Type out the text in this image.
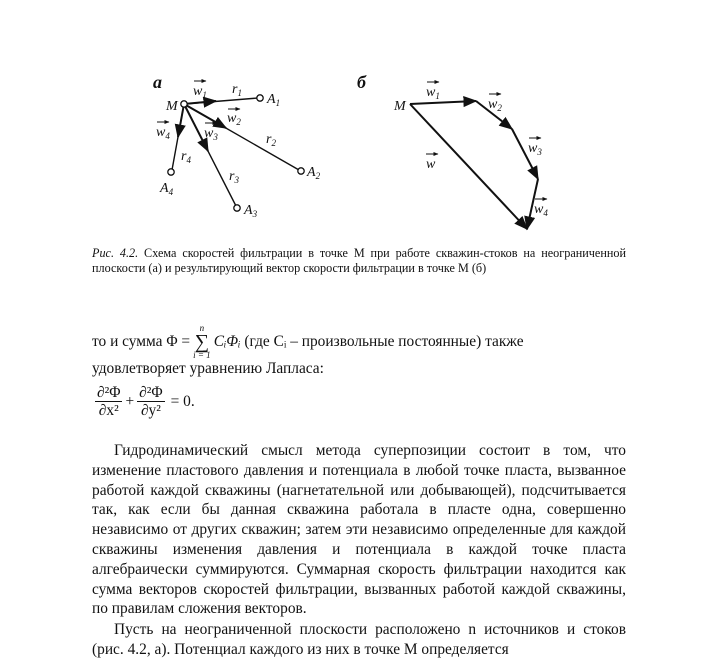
а
M
$w_1$ $r_1$ $A_1$
$w_2$
$r_2$
$A_2$
$w_3$
$r_3$
$A_3$
$w_4$
$r_4$
$A_4$
б
M
$w_1$
$w_2$
$w_3$
$w_4$
w
Рис. 4.2. Схема скоростей фильтрации в точке M при работе скважин-стоков на неограниченной плоскости (а) и результирующий вектор скорости фильтрации в точке M (б)
то и сумма Φ =
n
∑
i = 1
CᵢΦᵢ (где Cᵢ – произвольные постоянные) также
удовлетворяет уравнению Лапласа:
$\frac{\text{∂²Φ}}{\text{∂x²}} + \frac{\text{∂²Φ}}{\text{∂y²}} = 0$.

Гидродинамический смысл метода суперпозиции состоит в том, что изменение пластового давления и потенциала в любой точке пласта, вызванное работой каждой скважины (нагнетательной или добывающей), подсчитывается так, как если бы данная скважина работала в пласте одна, совершенно независимо от других скважин; затем эти независимо определенные для каждой скважины изменения давления и потенциала в каждой точке пласта алгебраически суммируются. Суммарная скорость фильтрации находится как сумма векторов скоростей фильтрации, вызванных работой каждой скважины, по правилам сложения векторов.

Пусть на неограниченной плоскости расположено n источников и стоков (рис. 4.2, а). Потенциал каждого из них в точке M определяется
